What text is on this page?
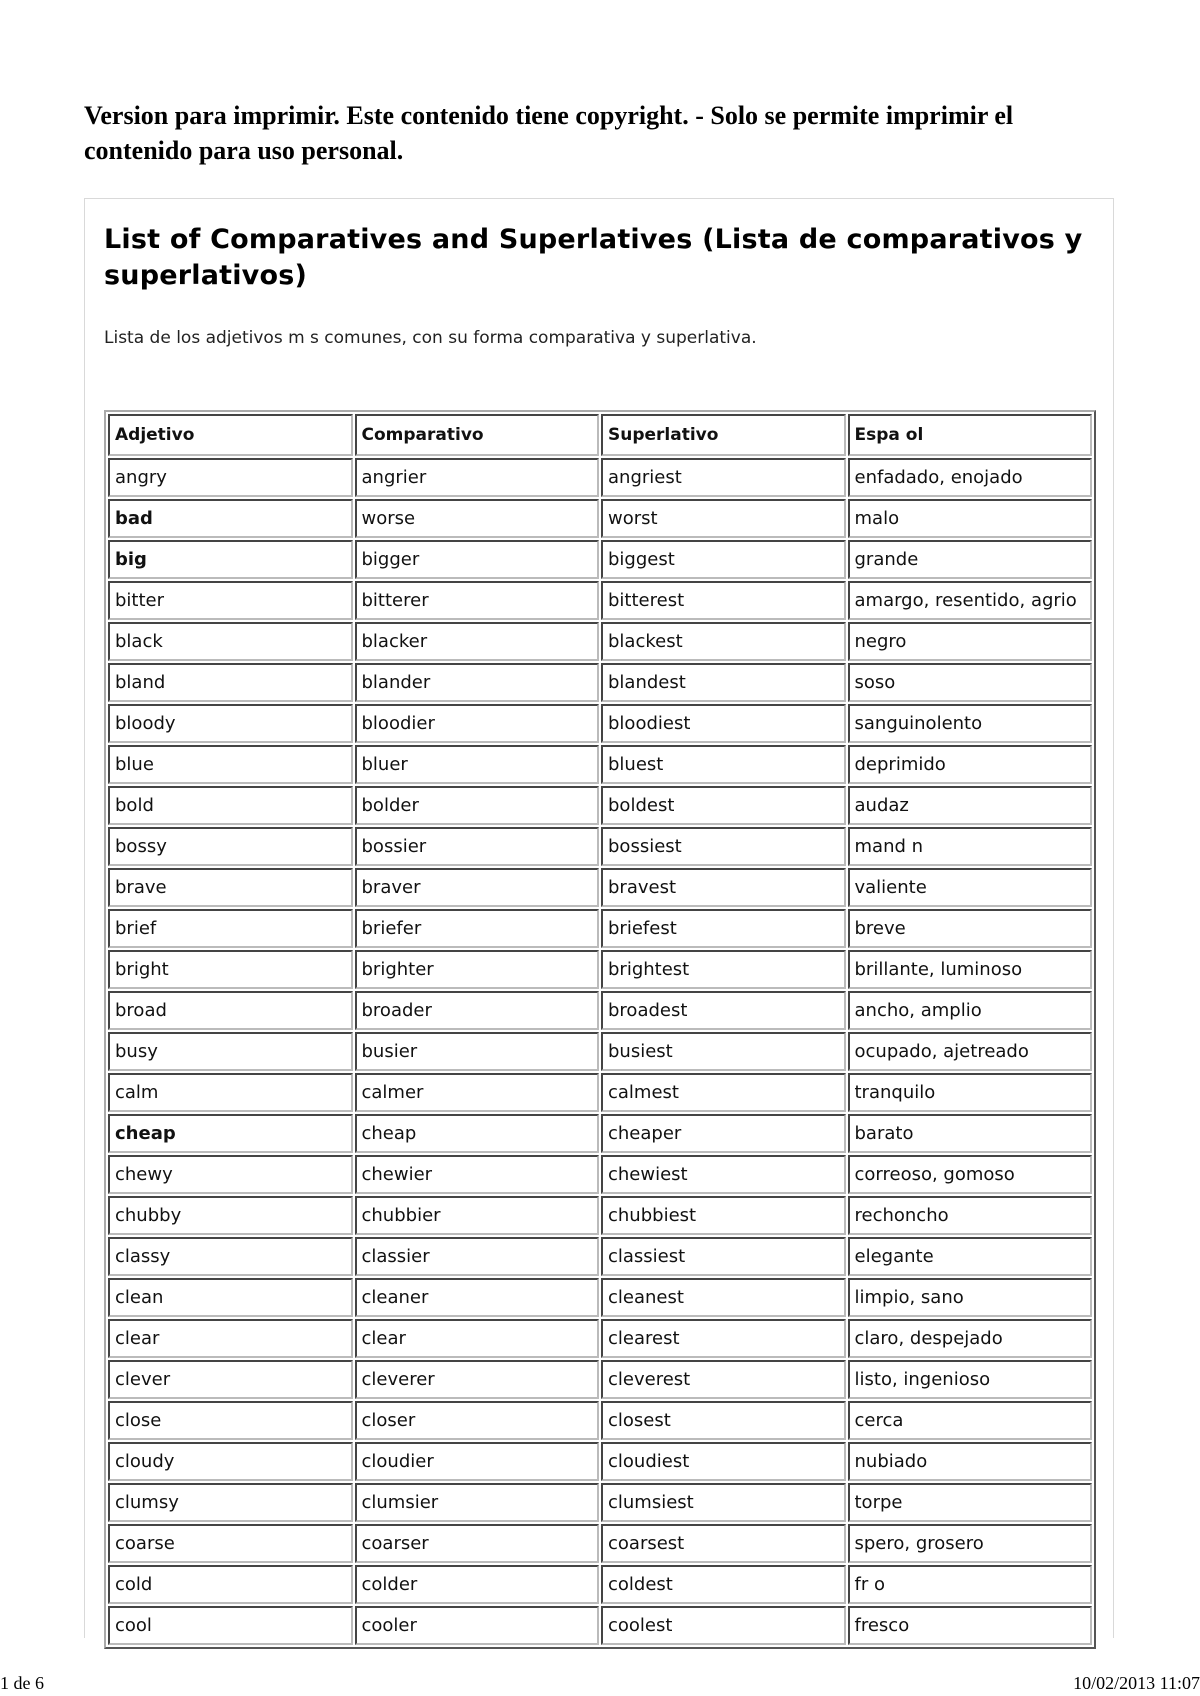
Version para imprimir. Este contenido tiene copyright. - Solo se permite imprimir el contenido para uso personal.

List of Comparatives and Superlatives (Lista de comparativos y superlativos)

Lista de los adjetivos m s comunes, con su forma comparativa y superlativa.

Adjetivo	Comparativo	Superlativo	Espa ol
angry	angrier	angriest	enfadado, enojado
bad	worse	worst	malo
big	bigger	biggest	grande
bitter	bitterer	bitterest	amargo, resentido, agrio
black	blacker	blackest	negro
bland	blander	blandest	soso
bloody	bloodier	bloodiest	sanguinolento
blue	bluer	bluest	deprimido
bold	bolder	boldest	audaz
bossy	bossier	bossiest	mand n
brave	braver	bravest	valiente
brief	briefer	briefest	breve
bright	brighter	brightest	brillante, luminoso
broad	broader	broadest	ancho, amplio
busy	busier	busiest	ocupado, ajetreado
calm	calmer	calmest	tranquilo
cheap	cheap	cheaper	barato
chewy	chewier	chewiest	correoso, gomoso
chubby	chubbier	chubbiest	rechoncho
classy	classier	classiest	elegante
clean	cleaner	cleanest	limpio, sano
clear	clear	clearest	claro, despejado
clever	cleverer	cleverest	listo, ingenioso
close	closer	closest	cerca
cloudy	cloudier	cloudiest	nubiado
clumsy	clumsier	clumsiest	torpe
coarse	coarser	coarsest	spero, grosero
cold	colder	coldest	fr o
cool	cooler	coolest	fresco
1 de 6	10/02/2013 11:07
